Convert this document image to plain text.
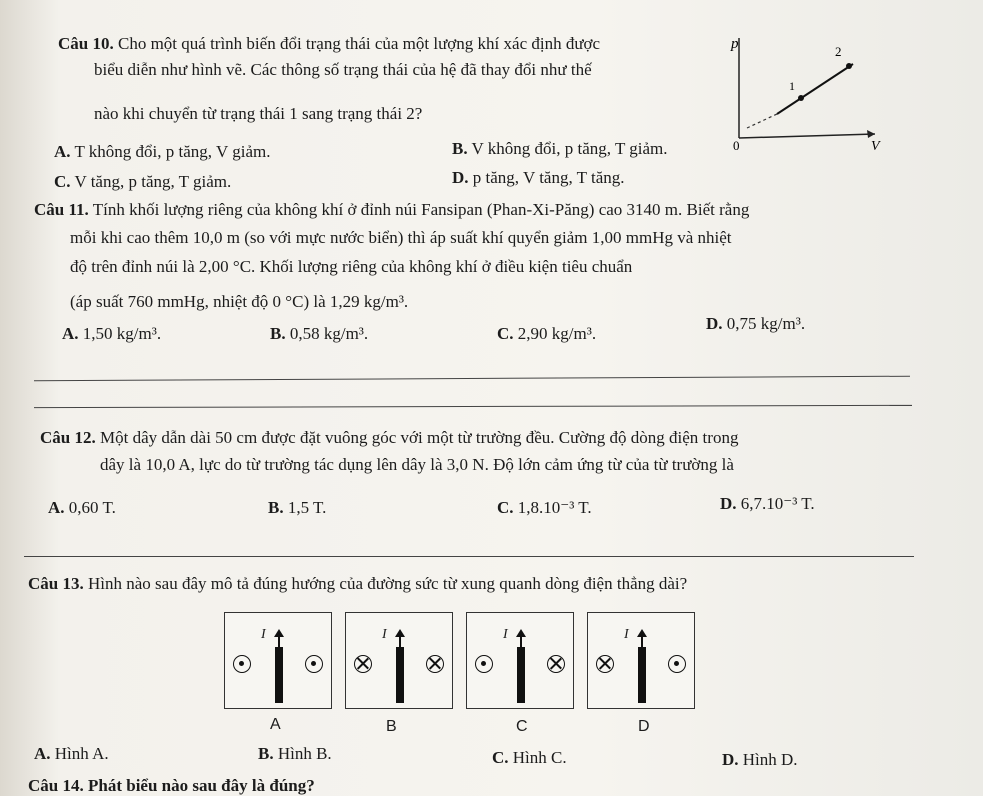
Câu 10. Cho một quá trình biến đổi trạng thái của một lượng khí xác định được
biểu diễn như hình vẽ. Các thông số trạng thái của hệ đã thay đổi như thế
nào khi chuyển từ trạng thái 1 sang trạng thái 2?
A. T không đổi, p tăng, V giảm.	B. V không đổi, p tăng, T giảm.
C. V tăng, p tăng, T giảm.	D. p tăng, V tăng, T tăng.
p
V
0
1
2
Câu 11. Tính khối lượng riêng của không khí ở đỉnh núi Fansipan (Phan-Xi-Păng) cao 3140 m. Biết rằng
mỗi khi cao thêm 10,0 m (so với mực nước biển) thì áp suất khí quyển giảm 1,00 mmHg và nhiệt
độ trên đỉnh núi là 2,00 °C. Khối lượng riêng của không khí ở điều kiện tiêu chuẩn
(áp suất 760 mmHg, nhiệt độ 0 °C) là 1,29 kg/m³.
A. 1,50 kg/m³.	B. 0,58 kg/m³.	C. 2,90 kg/m³.
D. 0,75 kg/m³.
Câu 12. Một dây dẫn dài 50 cm được đặt vuông góc với một từ trường đều. Cường độ dòng điện trong
dây là 10,0 A, lực do từ trường tác dụng lên dây là 3,0 N. Độ lớn cảm ứng từ của từ trường là
A. 0,60 T.	B. 1,5 T.	C. 1,8.10⁻³ T.	D. 6,7.10⁻³ T.
Câu 13. Hình nào sau đây mô tả đúng hướng của đường sức từ xung quanh dòng điện thẳng dài?
I	I	I	I
A	B	C	D
A. Hình A.	B. Hình B.	C. Hình C.	D. Hình D.
Câu 14. Phát biểu nào sau đây là đúng?
